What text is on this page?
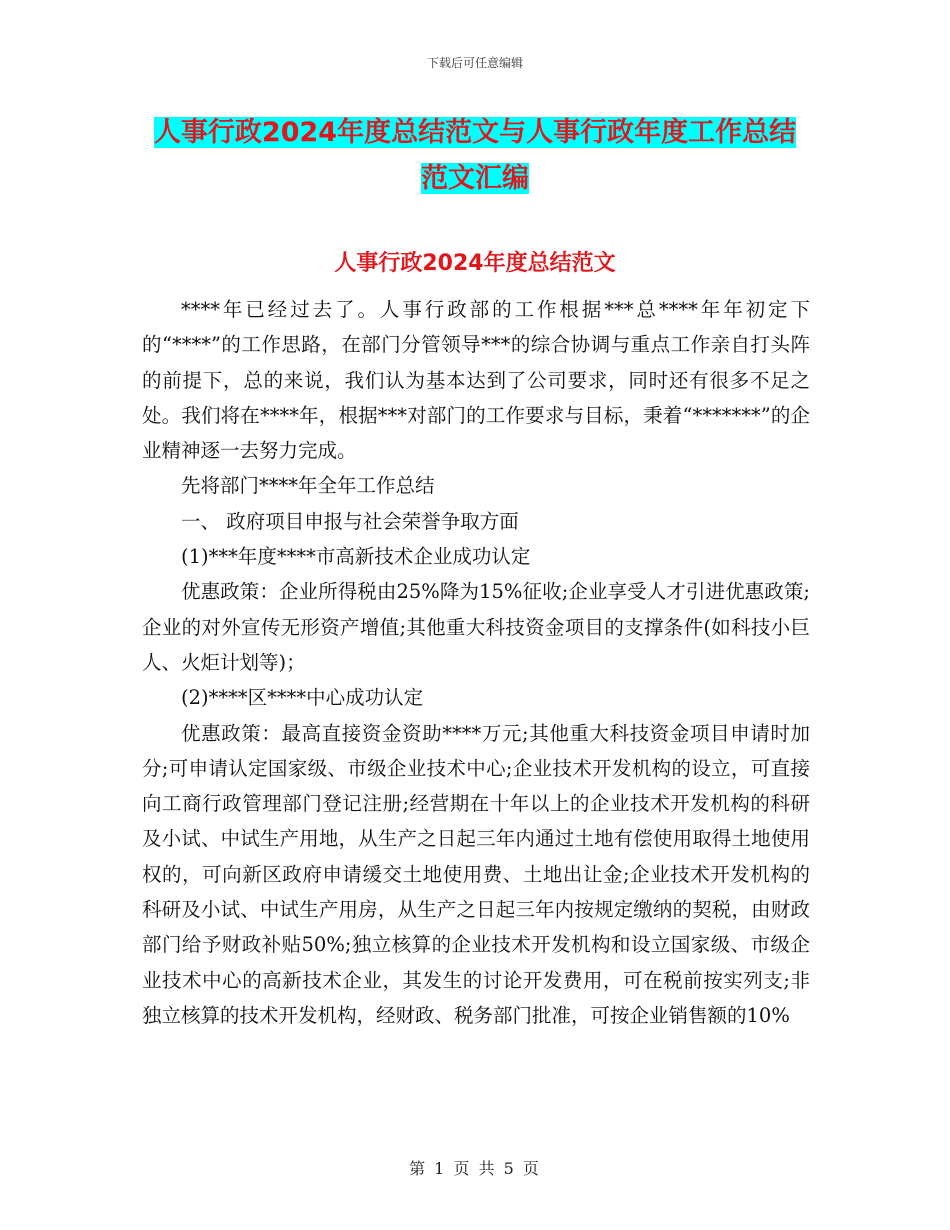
下载后可任意编辑
人事行政2024年度总结范文与人事行政年度工作总结
范文汇编
人事行政2024年度总结范文

****年已经过去了。人事行政部的工作根据***总****年年初定下的“****”的工作思路，在部门分管领导***的综合协调与重点工作亲自打头阵的前提下，总的来说，我们认为基本达到了公司要求，同时还有很多不足之处。我们将在****年，根据***对部门的工作要求与目标，秉着“*******”的企业精神逐一去努力完成。

先将部门****年全年工作总结

一、 政府项目申报与社会荣誉争取方面

(1)***年度****市高新技术企业成功认定

优惠政策：企业所得税由25%降为15%征收;企业享受人才引进优惠政策;企业的对外宣传无形资产增值;其他重大科技资金项目的支撑条件(如科技小巨人、火炬计划等)；

(2)****区****中心成功认定

优惠政策：最高直接资金资助****万元;其他重大科技资金项目申请时加分;可申请认定国家级、市级企业技术中心;企业技术开发机构的设立，可直接向工商行政管理部门登记注册;经营期在十年以上的企业技术开发机构的科研及小试、中试生产用地，从生产之日起三年内通过土地有偿使用取得土地使用权的，可向新区政府申请缓交土地使用费、土地出让金;企业技术开发机构的科研及小试、中试生产用房，从生产之日起三年内按规定缴纳的契税，由财政部门给予财政补贴50%;独立核算的企业技术开发机构和设立国家级、市级企业技术中心的高新技术企业，其发生的讨论开发费用，可在税前按实列支;非独立核算的技术开发机构，经财政、税务部门批准，可按企业销售额的10%

第 1 页 共 5 页
